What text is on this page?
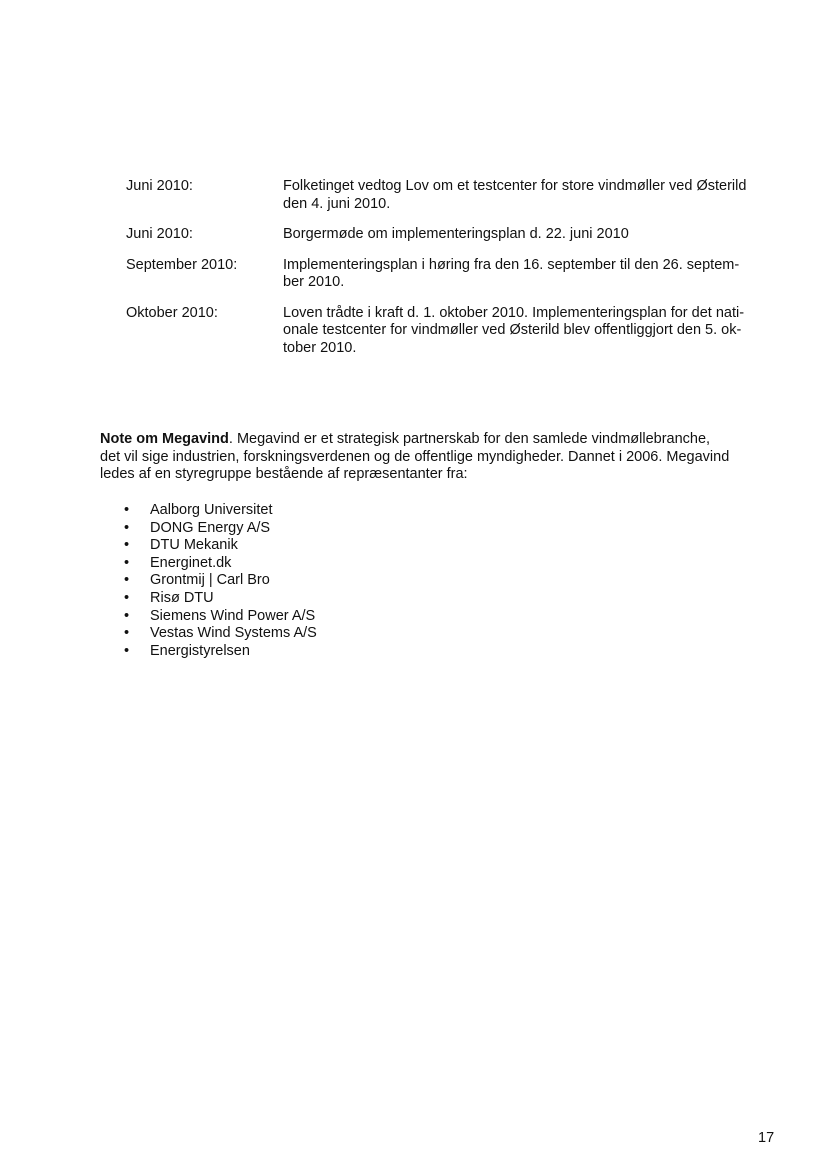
Juni 2010:	Folketinget vedtog Lov om et testcenter for store vindmøller ved Østerild
den 4. juni 2010.
Juni 2010:	Borgermøde om implementeringsplan d. 22. juni 2010
September 2010:	Implementeringsplan i høring fra den 16. september til den 26. septem-
ber 2010.
Oktober 2010:	Loven trådte i kraft d. 1. oktober 2010. Implementeringsplan for det nati-
onale testcenter for vindmøller ved Østerild blev offentliggjort den 5. ok-
tober 2010.
Note om Megavind. Megavind er et strategisk partnerskab for den samlede vindmøllebranche,
det vil sige industrien, forskningsverdenen og de offentlige myndigheder. Dannet i 2006. Megavind
ledes af en styregruppe bestående af repræsentanter fra:
•	Aalborg Universitet
•	DONG Energy A/S
•	DTU Mekanik
•	Energinet.dk
•	Grontmij | Carl Bro
•	Risø DTU
•	Siemens Wind Power A/S
•	Vestas Wind Systems A/S
•	Energistyrelsen
17
